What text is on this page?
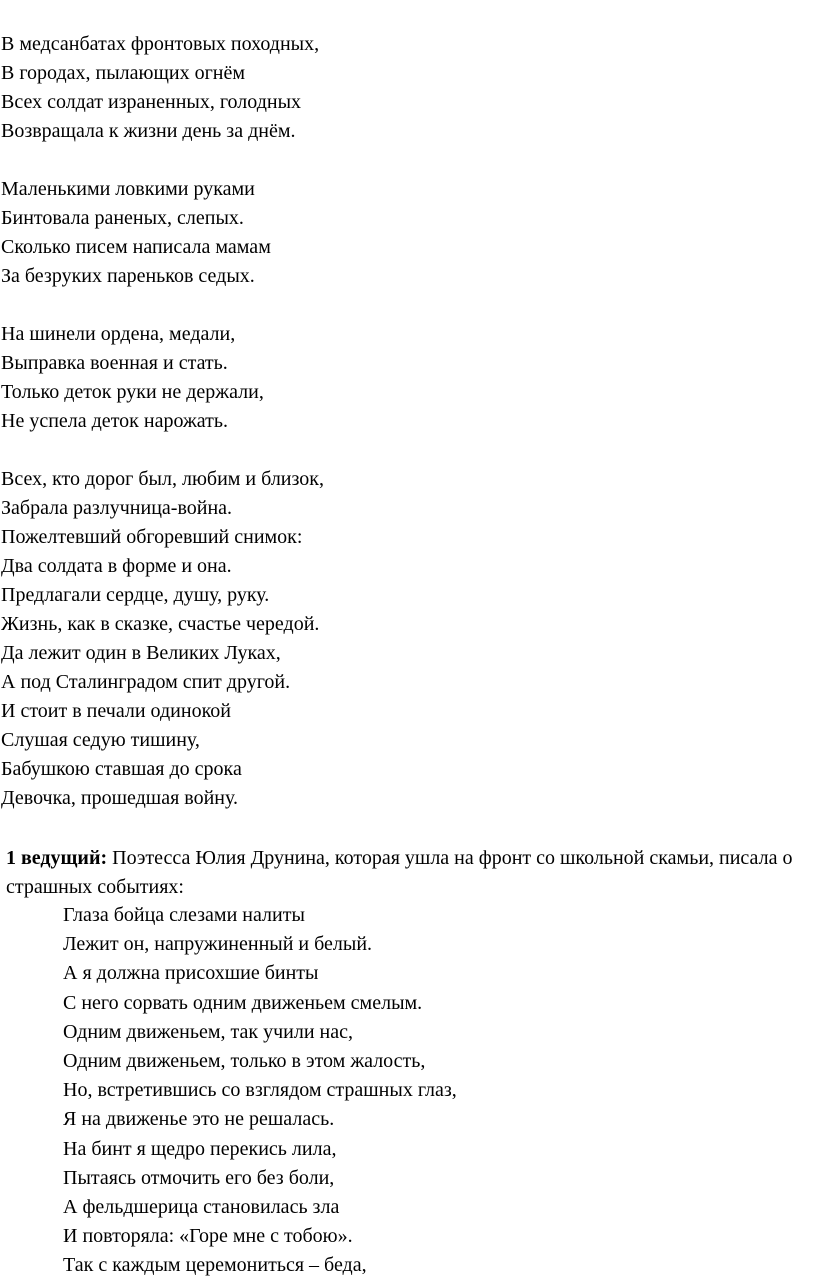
В медсанбатах фронтовых походных,
В городах, пылающих огнём
Всех солдат израненных, голодных
Возвращала к жизни день за днём.
Маленькими ловкими руками
Бинтовала раненых, слепых.
Сколько писем написала мамам
За безруких пареньков седых.
На шинели ордена, медали,
Выправка военная и стать.
Только деток руки не держали,
Не успела деток нарожать.
Всех, кто дорог был, любим и близок,
Забрала разлучница-война.
Пожелтевший обгоревший снимок:
Два солдата в форме и она.
Предлагали сердце, душу, руку.
Жизнь, как в сказке, счастье чередой.
Да лежит один в Великих Луках,
А под Сталинградом спит другой.
И стоит в печали одинокой
Слушая седую тишину,
Бабушкою ставшая до срока
Девочка, прошедшая войну.
1 ведущий: Поэтесса Юлия Друнина, которая ушла на фронт со школьной скамьи, писала о страшных событиях:
Глаза бойца слезами налиты
Лежит он, напружиненный и белый.
А я должна присохшие бинты
С него сорвать одним движеньем смелым.
Одним движеньем, так учили нас,
Одним движеньем, только в этом жалость,
Но, встретившись со взглядом страшных глаз,
Я на движенье это не решалась.
На бинт я щедро перекись лила,
Пытаясь отмочить его без боли,
А фельдшерица становилась зла
И повторяла: «Горе мне с тобою».
Так с каждым церемониться – беда,
